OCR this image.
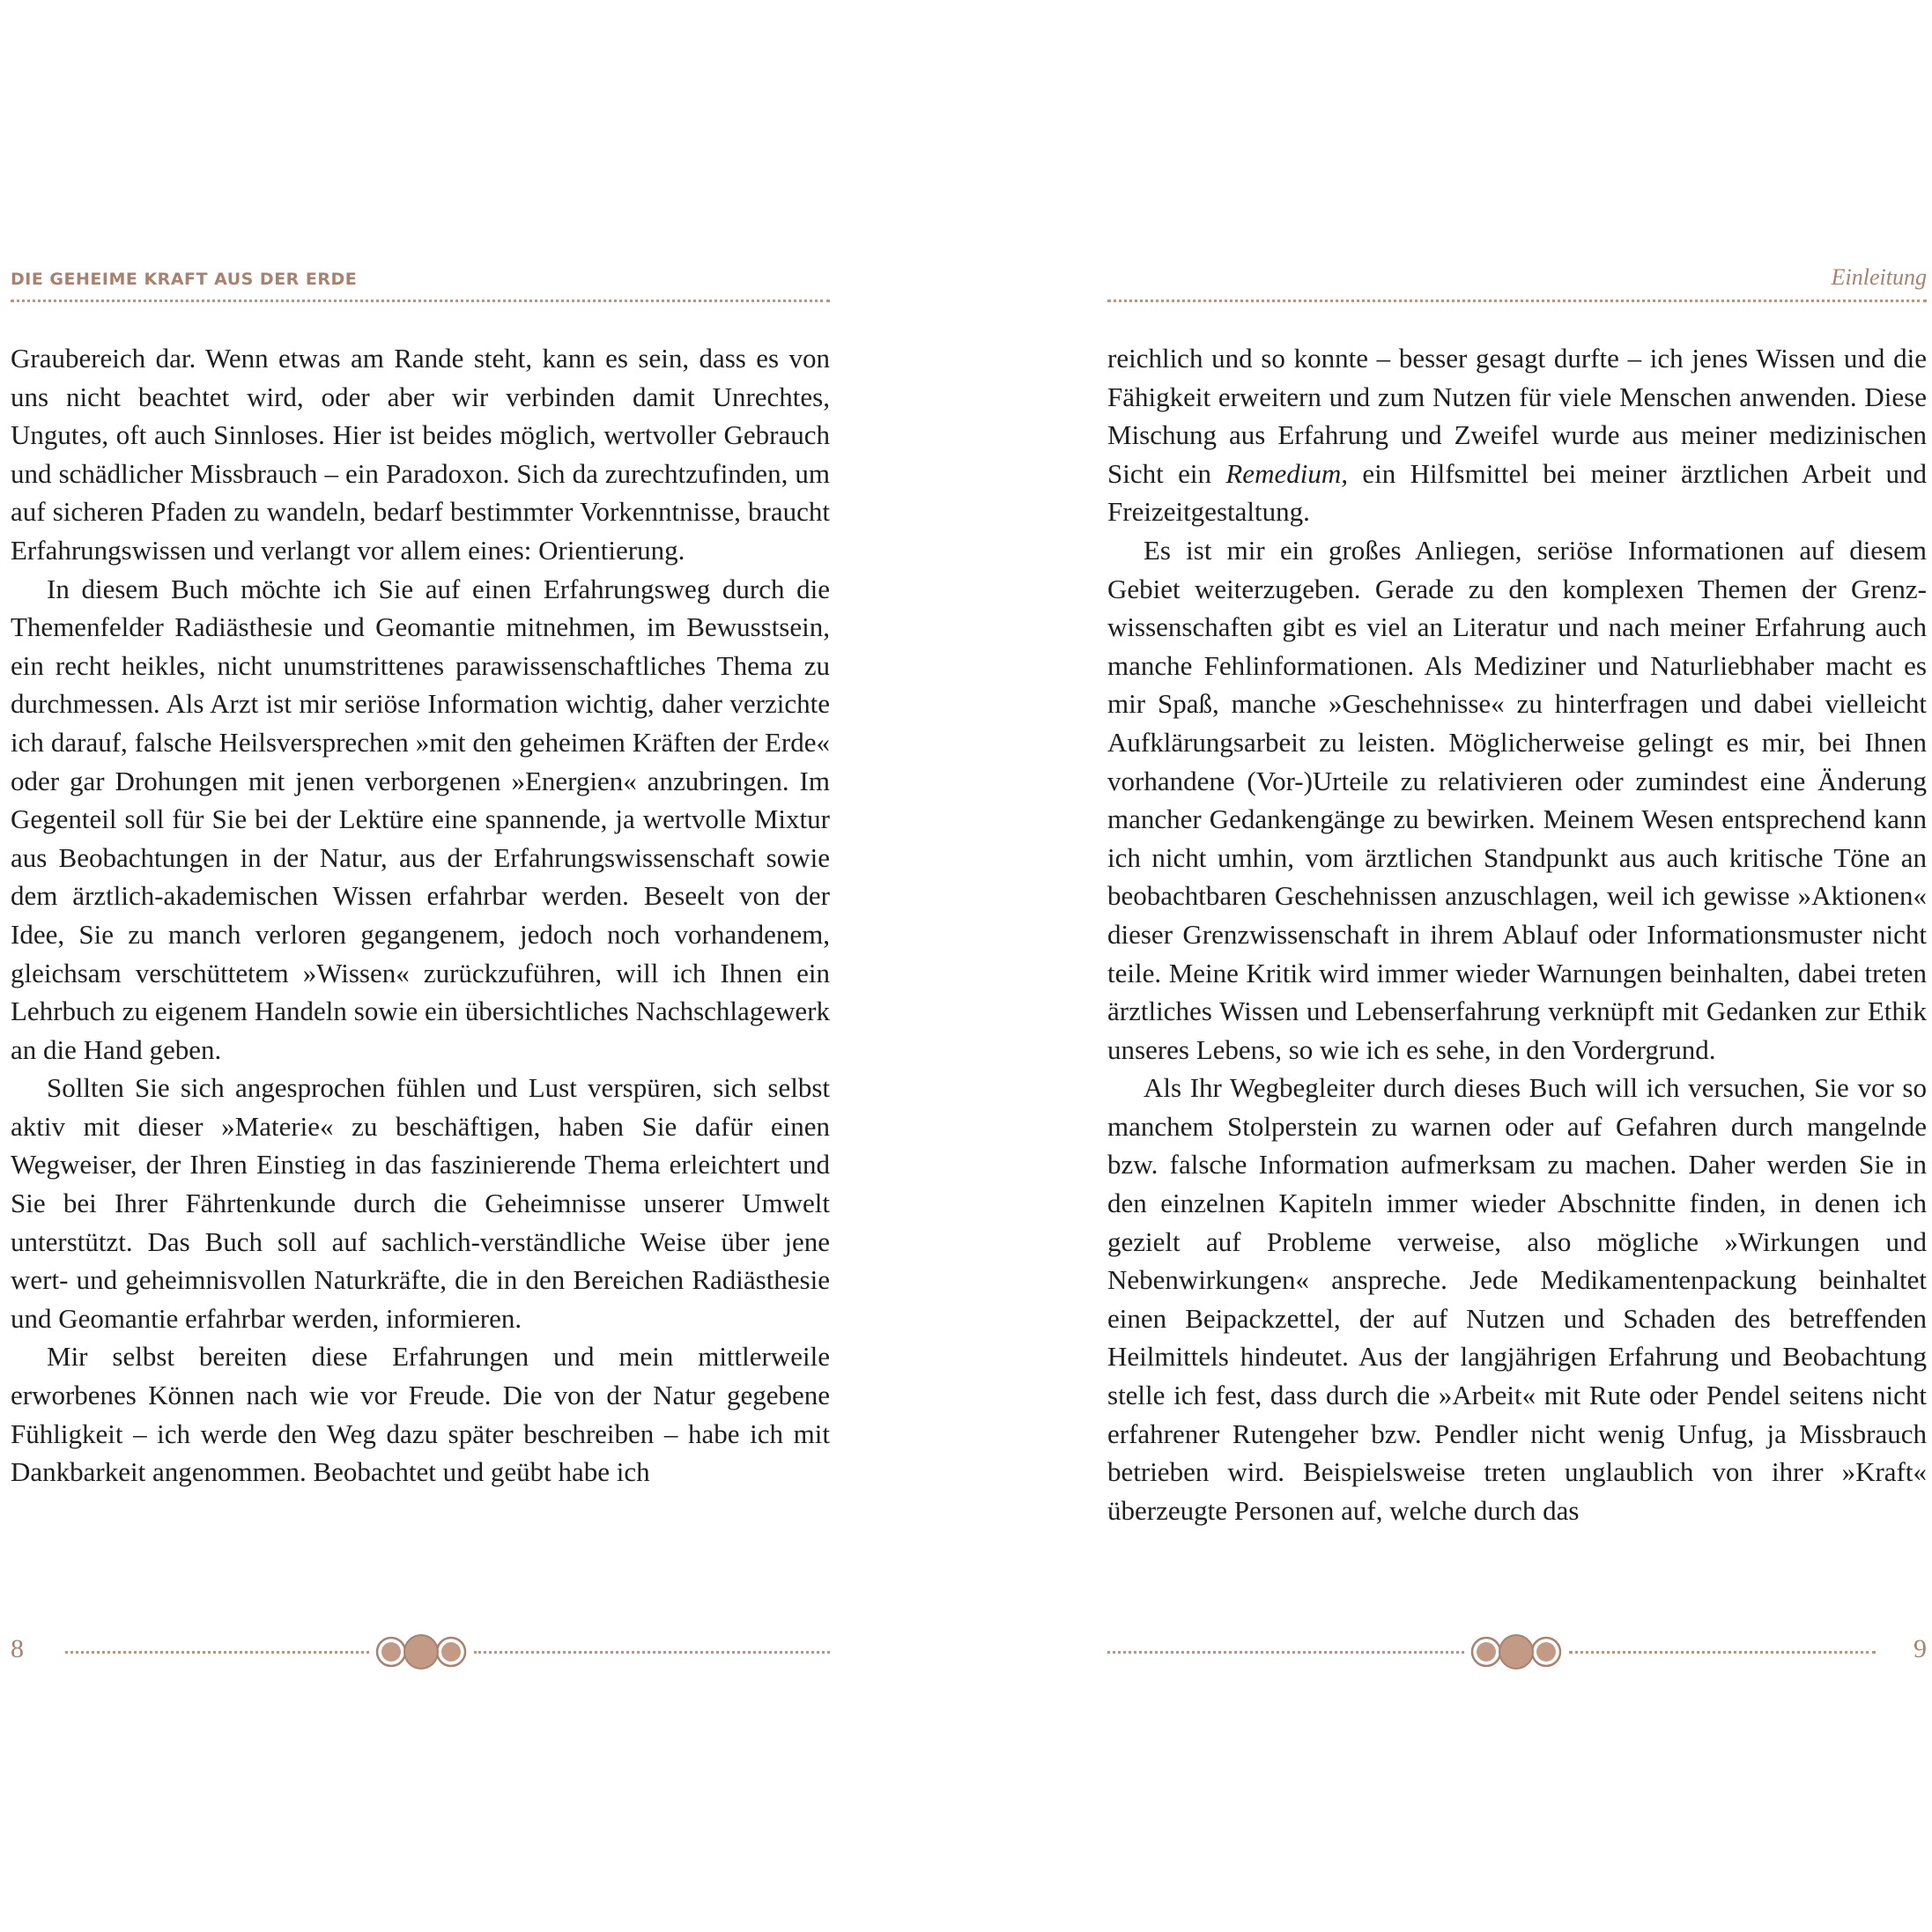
DIE GEHEIME KRAFT AUS DER ERDE

Graubereich dar. Wenn etwas am Rande steht, kann es sein, dass es von uns nicht beachtet wird, oder aber wir verbinden damit Unrechtes, Ungutes, oft auch Sinnloses. Hier ist beides möglich, wertvoller Gebrauch und schädlicher Missbrauch – ein Paradoxon. Sich da zurechtzufinden, um auf sicheren Pfaden zu wandeln, bedarf bestimmter Vorkenntnisse, braucht Erfahrungswissen und verlangt vor allem eines: Orientierung.

In diesem Buch möchte ich Sie auf einen Erfahrungsweg durch die Themenfelder Radiästhesie und Geomantie mitnehmen, im Bewusstsein, ein recht heikles, nicht unumstrittenes parawissenschaftliches Thema zu durchmessen. Als Arzt ist mir seriöse Information wichtig, daher verzichte ich darauf, falsche Heilsversprechen »mit den geheimen Kräften der Erde« oder gar Drohungen mit jenen verborgenen »Energien« anzubringen. Im Gegenteil soll für Sie bei der Lektüre eine spannende, ja wertvolle Mixtur aus Beobachtungen in der Natur, aus der Erfahrungswissenschaft sowie dem ärztlich-akademischen Wissen erfahrbar werden. Beseelt von der Idee, Sie zu manch verloren gegangenem, jedoch noch vorhandenem, gleichsam verschüttetem »Wissen« zurückzuführen, will ich Ihnen ein Lehrbuch zu eigenem Handeln sowie ein übersichtliches Nachschlagewerk an die Hand geben.

Sollten Sie sich angesprochen fühlen und Lust verspüren, sich selbst aktiv mit dieser »Materie« zu beschäftigen, haben Sie dafür einen Wegweiser, der Ihren Einstieg in das faszinierende Thema erleichtert und Sie bei Ihrer Fährtenkunde durch die Geheimnisse unserer Umwelt unterstützt. Das Buch soll auf sachlich-verständliche Weise über jene wert- und geheimnisvollen Naturkräfte, die in den Bereichen Radiästhesie und Geomantie erfahrbar werden, informieren.

Mir selbst bereiten diese Erfahrungen und mein mittlerweile erworbenes Können nach wie vor Freude. Die von der Natur gegebene Fühligkeit – ich werde den Weg dazu später beschreiben – habe ich mit Dankbarkeit angenommen. Beobachtet und geübt habe ich

8
Einleitung

reichlich und so konnte – besser gesagt durfte – ich jenes Wissen und die Fähigkeit erweitern und zum Nutzen für viele Menschen anwenden. Diese Mischung aus Erfahrung und Zweifel wurde aus meiner medizinischen Sicht ein Remedium, ein Hilfsmittel bei meiner ärztlichen Arbeit und Freizeitgestaltung.

Es ist mir ein großes Anliegen, seriöse Informationen auf diesem Gebiet weiterzugeben. Gerade zu den komplexen Themen der Grenzwissenschaften gibt es viel an Literatur und nach meiner Erfahrung auch manche Fehlinformationen. Als Mediziner und Naturliebhaber macht es mir Spaß, manche »Geschehnisse« zu hinterfragen und dabei vielleicht Aufklärungsarbeit zu leisten. Möglicherweise gelingt es mir, bei Ihnen vorhandene (Vor-)Urteile zu relativieren oder zumindest eine Änderung mancher Gedankengänge zu bewirken. Meinem Wesen entsprechend kann ich nicht umhin, vom ärztlichen Standpunkt aus auch kritische Töne an beobachtbaren Geschehnissen anzuschlagen, weil ich gewisse »Aktionen« dieser Grenzwissenschaft in ihrem Ablauf oder Informationsmuster nicht teile. Meine Kritik wird immer wieder Warnungen beinhalten, dabei treten ärztliches Wissen und Lebenserfahrung verknüpft mit Gedanken zur Ethik unseres Lebens, so wie ich es sehe, in den Vordergrund.

Als Ihr Wegbegleiter durch dieses Buch will ich versuchen, Sie vor so manchem Stolperstein zu warnen oder auf Gefahren durch mangelnde bzw. falsche Information aufmerksam zu machen. Daher werden Sie in den einzelnen Kapiteln immer wieder Abschnitte finden, in denen ich gezielt auf Probleme verweise, also mögliche »Wirkungen und Nebenwirkungen« anspreche. Jede Medikamentenpackung beinhaltet einen Beipackzettel, der auf Nutzen und Schaden des betreffenden Heilmittels hindeutet. Aus der langjährigen Erfahrung und Beobachtung stelle ich fest, dass durch die »Arbeit« mit Rute oder Pendel seitens nicht erfahrener Rutengeher bzw. Pendler nicht wenig Unfug, ja Missbrauch betrieben wird. Beispielsweise treten unglaublich von ihrer »Kraft« überzeugte Personen auf, welche durch das

9
